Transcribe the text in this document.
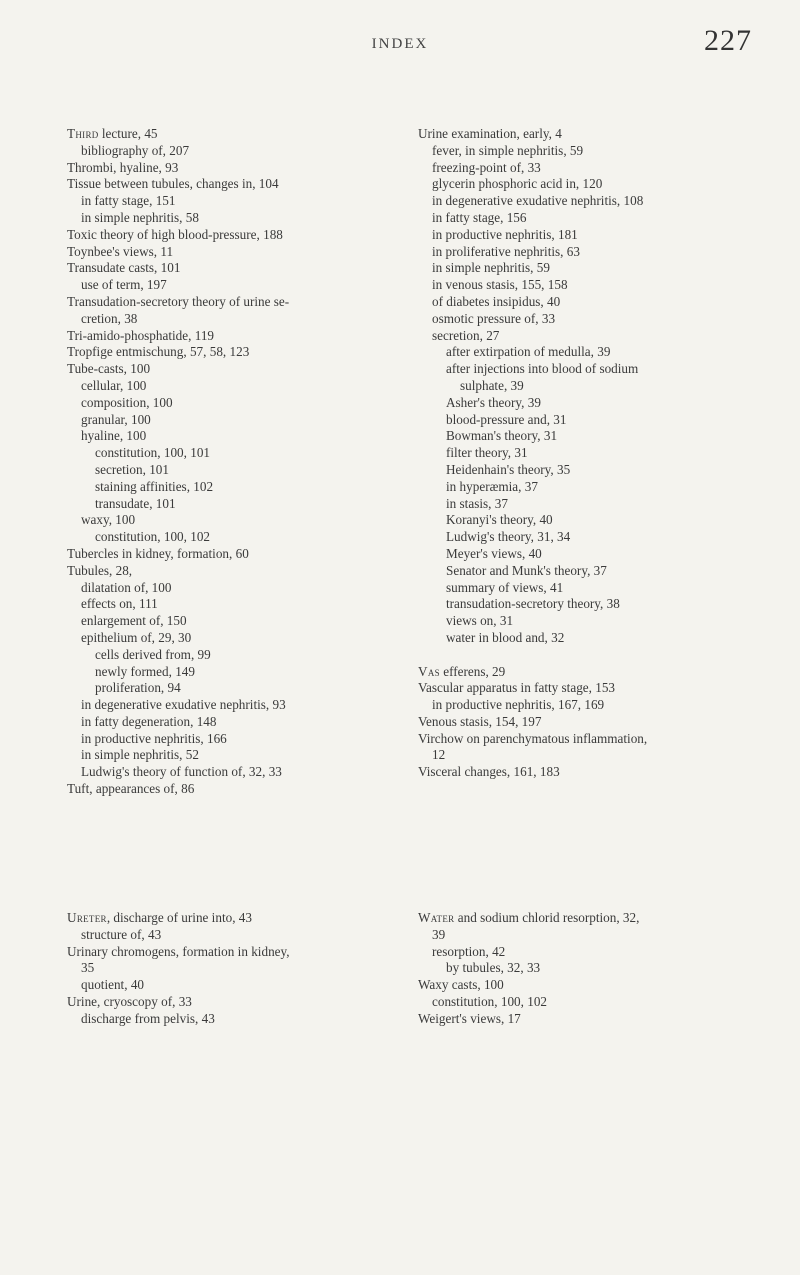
INDEX	227

Third lecture, 45

bibliography of, 207

Thrombi, hyaline, 93

Tissue between tubules, changes in, 104

in fatty stage, 151

in simple nephritis, 58

Toxic theory of high blood-pressure, 188

Toynbee's views, 11

Transudate casts, 101

use of term, 197

Transudation-secretory theory of urine se-

cretion, 38

Tri-amido-phosphatide, 119

Tropfige entmischung, 57, 58, 123

Tube-casts, 100

cellular, 100

composition, 100

granular, 100

hyaline, 100

constitution, 100, 101

secretion, 101

staining affinities, 102

transudate, 101

waxy, 100

constitution, 100, 102

Tubercles in kidney, formation, 60

Tubules, 28,

dilatation of, 100

effects on, 111

enlargement of, 150

epithelium of, 29, 30

cells derived from, 99

newly formed, 149

proliferation, 94

in degenerative exudative nephritis, 93

in fatty degeneration, 148

in productive nephritis, 166

in simple nephritis, 52

Ludwig's theory of function of, 32, 33

Tuft, appearances of, 86

Urine examination, early, 4

fever, in simple nephritis, 59

freezing-point of, 33

glycerin phosphoric acid in, 120

in degenerative exudative nephritis, 108

in fatty stage, 156

in productive nephritis, 181

in proliferative nephritis, 63

in simple nephritis, 59

in venous stasis, 155, 158

of diabetes insipidus, 40

osmotic pressure of, 33

secretion, 27

after extirpation of medulla, 39

after injections into blood of sodium

sulphate, 39

Asher's theory, 39

blood-pressure and, 31

Bowman's theory, 31

filter theory, 31

Heidenhain's theory, 35

in hyperæmia, 37

in stasis, 37

Koranyi's theory, 40

Ludwig's theory, 31, 34

Meyer's views, 40

Senator and Munk's theory, 37

summary of views, 41

transudation-secretory theory, 38

views on, 31

water in blood and, 32

Vas efferens, 29

Vascular apparatus in fatty stage, 153

in productive nephritis, 167, 169

Venous stasis, 154, 197

Virchow on parenchymatous inflammation,

12

Visceral changes, 161, 183

Ureter, discharge of urine into, 43

structure of, 43

Urinary chromogens, formation in kidney,

35

quotient, 40

Urine, cryoscopy of, 33

discharge from pelvis, 43

Water and sodium chlorid resorption, 32,

39

resorption, 42

by tubules, 32, 33

Waxy casts, 100

constitution, 100, 102

Weigert's views, 17
